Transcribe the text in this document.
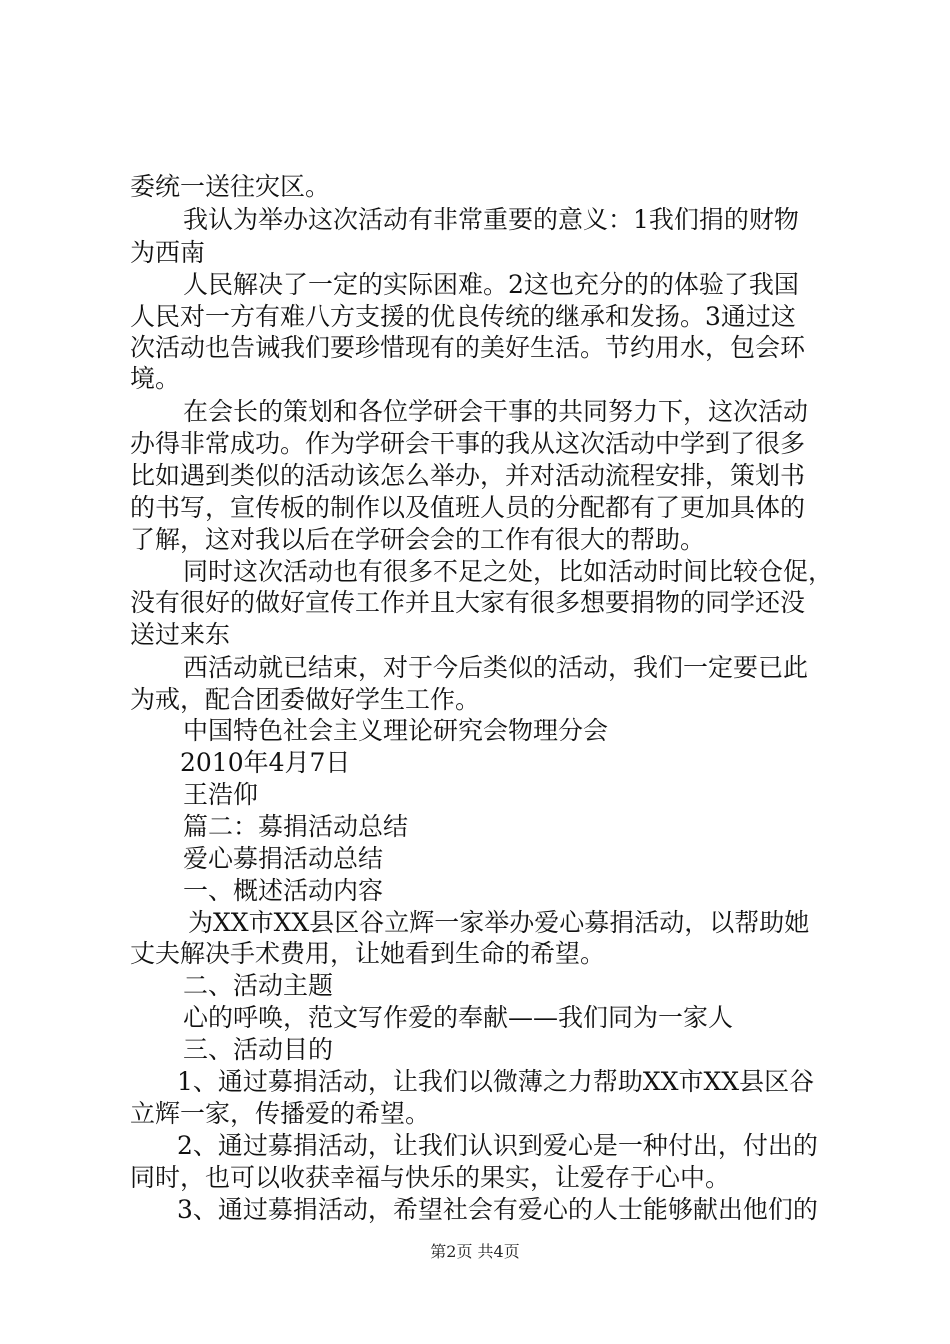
委统一送往灾区。
我认为举办这次活动有非常重要的意义：1我们捐的财物
为西南
人民解决了一定的实际困难。2这也充分的的体验了我国
人民对一方有难八方支援的优良传统的继承和发扬。3通过这
次活动也告诫我们要珍惜现有的美好生活。节约用水，包会环
境。
在会长的策划和各位学研会干事的共同努力下，这次活动
办得非常成功。作为学研会干事的我从这次活动中学到了很多
比如遇到类似的活动该怎么举办，并对活动流程安排，策划书
的书写，宣传板的制作以及值班人员的分配都有了更加具体的
了解，这对我以后在学研会会的工作有很大的帮助。
同时这次活动也有很多不足之处，比如活动时间比较仓促，
没有很好的做好宣传工作并且大家有很多想要捐物的同学还没
送过来东
西活动就已结束，对于今后类似的活动，我们一定要已此
为戒，配合团委做好学生工作。
中国特色社会主义理论研究会物理分会
2010年4月7日
王浩仰
篇二：募捐活动总结
爱心募捐活动总结
一、概述活动内容
为XX市XX县区谷立辉一家举办爱心募捐活动，以帮助她
丈夫解决手术费用，让她看到生命的希望。
二、活动主题
心的呼唤，范文写作爱的奉献——我们同为一家人
三、活动目的
1、通过募捐活动，让我们以微薄之力帮助XX市XX县区谷
立辉一家，传播爱的希望。
2、通过募捐活动，让我们认识到爱心是一种付出，付出的
同时，也可以收获幸福与快乐的果实，让爱存于心中。
3、通过募捐活动，希望社会有爱心的人士能够献出他们的
第2页 共4页
